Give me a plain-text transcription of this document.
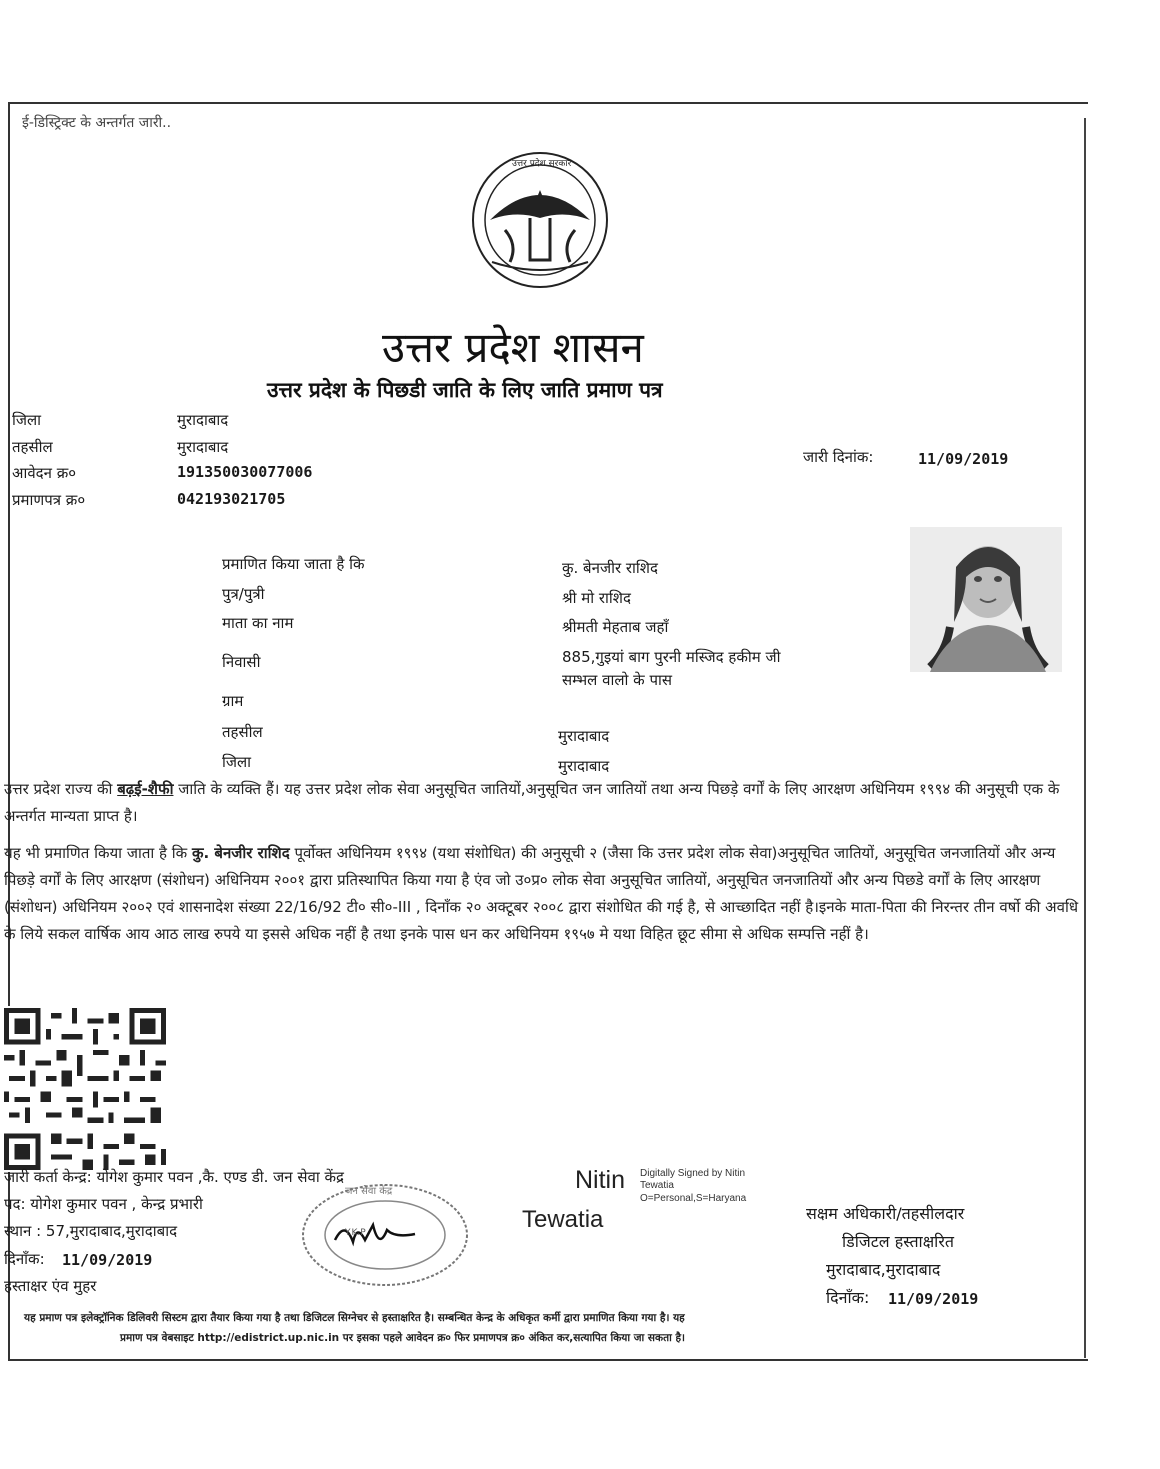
ई-डिस्ट्रिक्ट के अन्तर्गत जारी..
उत्तर प्रदेश सरकार
उत्तर प्रदेश शासन
उत्तर प्रदेश के पिछडी जाति के लिए जाति प्रमाण पत्र
जिला	मुरादाबाद
तहसील	मुरादाबाद
आवेदन क्र०	191350030077006
प्रमाणपत्र क्र०	042193021705
जारी दिनांक:	11/09/2019
प्रमाणित किया जाता है कि	कु. बेनजीर राशिद
पुत्र/पुत्री	श्री मो राशिद
माता का नाम	श्रीमती मेहताब जहाँ
निवासी	885,गुइयां बाग पुरनी मस्जिद हकीम जी
सम्भल वालो के पास
ग्राम
तहसील	मुरादाबाद
जिला	मुरादाबाद
उत्तर प्रदेश राज्य की बढ़ई-शैफी जाति के व्यक्ति हैं। यह उत्तर प्रदेश लोक सेवा अनुसूचित जातियों,अनुसूचित जन जातियों तथा अन्य पिछड़े वर्गों के लिए आरक्षण अधिनियम १९९४ की अनुसूची एक के अन्तर्गत मान्यता प्राप्त है।
यह भी प्रमाणित किया जाता है कि कु. बेनजीर राशिद पूर्वोक्त अधिनियम १९९४ (यथा संशोधित) की अनुसूची २ (जैसा कि उत्तर प्रदेश लोक सेवा)अनुसूचित जातियों, अनुसूचित जनजातियों और अन्य पिछड़े वर्गों के लिए आरक्षण (संशोधन) अधिनियम २००१ द्वारा प्रतिस्थापित किया गया है एंव जो उ०प्र० लोक सेवा अनुसूचित जातियों, अनुसूचित जनजातियों और अन्य पिछडे वर्गों के लिए आरक्षण (संशोधन) अधिनियम २००२ एवं शासनादेश संख्या 22/16/92 टी० सी०-III , दिनाँक २० अक्टूबर २००८ द्वारा संशोधित की गई है, से आच्छादित नहीं है।इनके माता-पिता की निरन्तर तीन वर्षो की अवधि के लिये सकल वार्षिक आय आठ लाख रुपये या इससे अधिक नहीं है तथा इनके पास धन कर अधिनियम १९५७ मे यथा विहित छूट सीमा से अधिक सम्पत्ति नहीं है।
जारी कर्ता केन्द्र: योगेश कुमार पवन ,कै. एण्ड डी. जन सेवा केंद्र
पद: योगेश कुमार पवन , केन्द्र प्रभारी
स्थान : 57,मुरादाबाद,मुरादाबाद
दिनाँक: 11/09/2019
हस्ताक्षर एंव मुहर
जन सेवा केंद्र
Y.K.P
Nitin
Tewatia
Digitally Signed by Nitin
Tewatia
O=Personal,S=Haryana
सक्षम अधिकारी/तहसीलदार
डिजिटल हस्ताक्षरित
मुरादाबाद,मुरादाबाद
दिनाँक: 11/09/2019
यह प्रमाण पत्र इलेक्ट्रॉनिक डिलिवरी सिस्टम द्वारा तैयार किया गया है तथा डिजिटल सिग्नेचर से हस्ताक्षरित है। सम्बन्धित केन्द्र के अधिकृत कर्मी द्वारा प्रमाणित किया गया है। यह
प्रमाण पत्र वेबसाइट http://edistrict.up.nic.in पर इसका पहले आवेदन क्र० फिर प्रमाणपत्र क्र० अंकित कर,सत्यापित किया जा सकता है।
